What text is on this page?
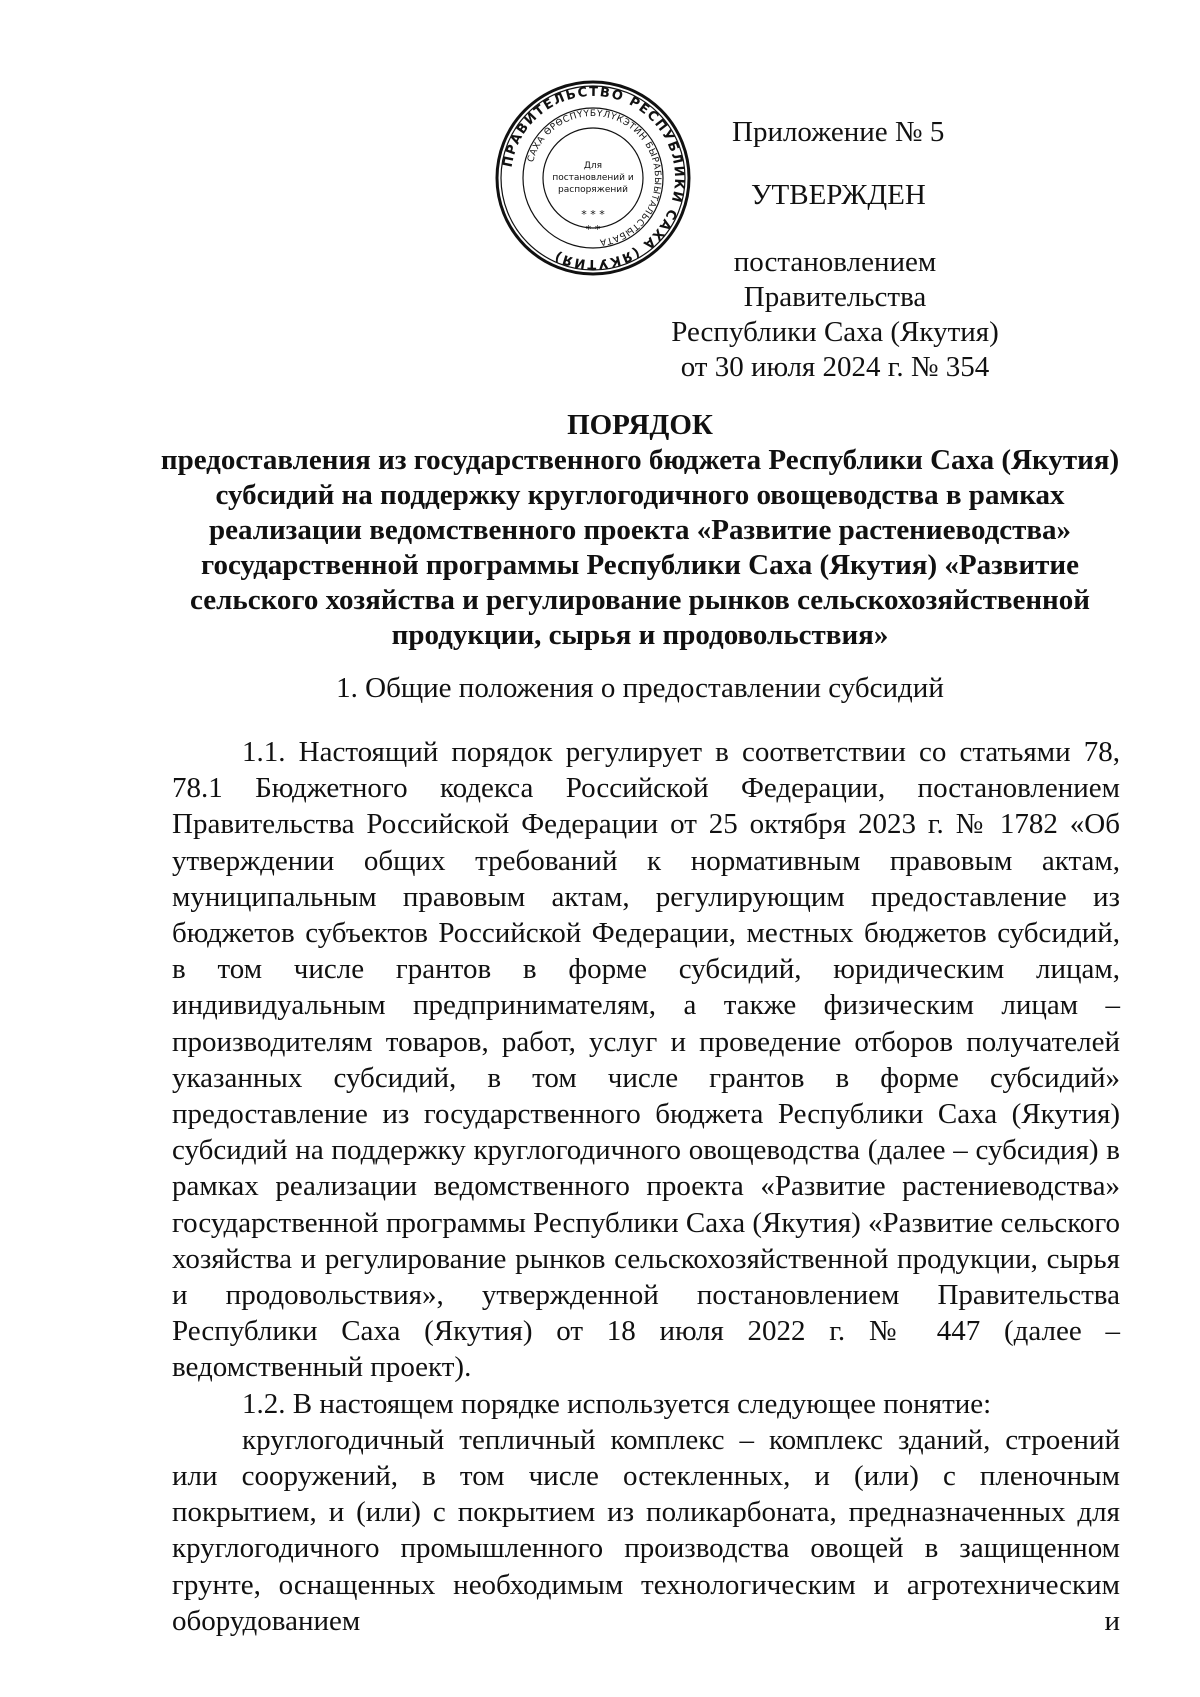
ПРАВИТЕЛЬСТВО РЕСПУБЛИКИ САХА (ЯКУТИЯ)
САХА ӨРӨСПҮҮБҮЛҮКЭТИН БЫРАБЫЫТАЛЬСТЫБАТА
Для
постановлений и
распоряжений
* * *
* *
Приложение № 5
УТВЕРЖДЕН
постановлением Правительства
Республики Саха (Якутия)
от 30 июля 2024 г. № 354
ПОРЯДОК
предоставления из государственного бюджета Республики Саха (Якутия)
субсидий на поддержку круглогодичного овощеводства в рамках
реализации ведомственного проекта «Развитие растениеводства»
государственной программы Республики Саха (Якутия) «Развитие
сельского хозяйства и регулирование рынков сельскохозяйственной
продукции, сырья и продовольствия»
1. Общие положения о предоставлении субсидий

1.1. Настоящий порядок регулирует в соответствии со статьями 78, 78.1 Бюджетного кодекса Российской Федерации, постановлением Правительства Российской Федерации от 25 октября 2023 г. № 1782 «Об утверждении общих требований к нормативным правовым актам, муниципальным правовым актам, регулирующим предоставление из бюджетов субъектов Российской Федерации, местных бюджетов субсидий, в том числе грантов в форме субсидий, юридическим лицам, индивидуальным предпринимателям, а также физическим лицам – производителям товаров, работ, услуг и проведение отборов получателей указанных субсидий, в том числе грантов в форме субсидий» предоставление из государственного бюджета Республики Саха (Якутия) субсидий на поддержку круглогодичного овощеводства (далее – субсидия) в рамках реализации ведомственного проекта «Развитие растениеводства» государственной программы Республики Саха (Якутия) «Развитие сельского хозяйства и регулирование рынков сельскохозяйственной продукции, сырья и продовольствия», утвержденной постановлением Правительства Республики Саха (Якутия) от 18 июля 2022 г. № 447 (далее – ведомственный проект).

1.2. В настоящем порядке используется следующее понятие:

круглогодичный тепличный комплекс – комплекс зданий, строений или сооружений, в том числе остекленных, и (или) с пленочным покрытием, и (или) с покрытием из поликарбоната, предназначенных для круглогодичного промышленного производства овощей в защищенном грунте, оснащенных необходимым технологическим и агротехническим оборудованием и
